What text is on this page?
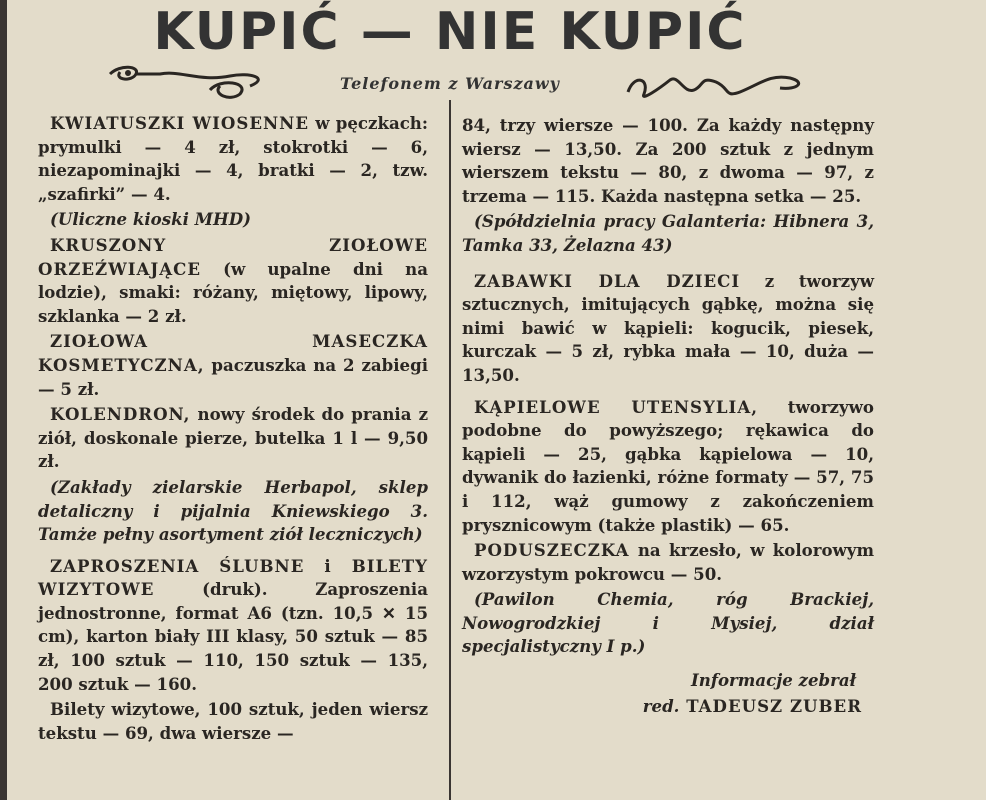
KUPIĆ — NIE KUPIĆ
Telefonem z Warszawy

KWIATUSZKI WIOSENNE w pęczkach: prymulki — 4 zł, stokrotki — 6, niezapominajki — 4, bratki — 2, tzw. „szafirki” — 4.

(Uliczne kioski MHD)

KRUSZONY ZIOŁOWE ORZEŹWIAJĄCE (w upalne dni na lodzie), smaki: różany, miętowy, lipowy, szklanka — 2 zł.

ZIOŁOWA MASECZKA KOSMETYCZNA, paczuszka na 2 zabiegi — 5 zł.

KOLENDRON, nowy środek do prania z ziół, doskonale pierze, butelka 1 l — 9,50 zł.

(Zakłady zielarskie Herbapol, sklep detaliczny i pijalnia Kniewskiego 3. Tamże pełny asortyment ziół leczniczych)

ZAPROSZENIA ŚLUBNE i BILETY WIZYTOWE (druk). Zaproszenia jednostronne, format A6 (tzn. 10,5 ✕ 15 cm), karton biały III klasy, 50 sztuk — 85 zł, 100 sztuk — 110, 150 sztuk — 135, 200 sztuk — 160.

Bilety wizytowe, 100 sztuk, jeden wiersz tekstu — 69, dwa wiersze —

84, trzy wiersze — 100. Za każdy następny wiersz — 13,50. Za 200 sztuk z jednym wierszem tekstu — 80, z dwoma — 97, z trzema — 115. Każda następna setka — 25.

(Spółdzielnia pracy Galanteria: Hibnera 3, Tamka 33, Żelazna 43)

ZABAWKI DLA DZIECI z tworzyw sztucznych, imitujących gąbkę, można się nimi bawić w kąpieli: kogucik, piesek, kurczak — 5 zł, rybka mała — 10, duża — 13,50.

KĄPIELOWE UTENSYLIA, tworzywo podobne do powyższego; rękawica do kąpieli — 25, gąbka kąpielowa — 10, dywanik do łazienki, różne formaty — 57, 75 i 112, wąż gumowy z zakończeniem prysznicowym (także plastik) — 65.

PODUSZECZKA na krzesło, w kolorowym wzorzystym pokrowcu — 50.

(Pawilon Chemia, róg Brackiej, Nowogrodzkiej i Mysiej, dział specjalistyczny I p.)

Informacje zebrał

red. TADEUSZ ZUBER
